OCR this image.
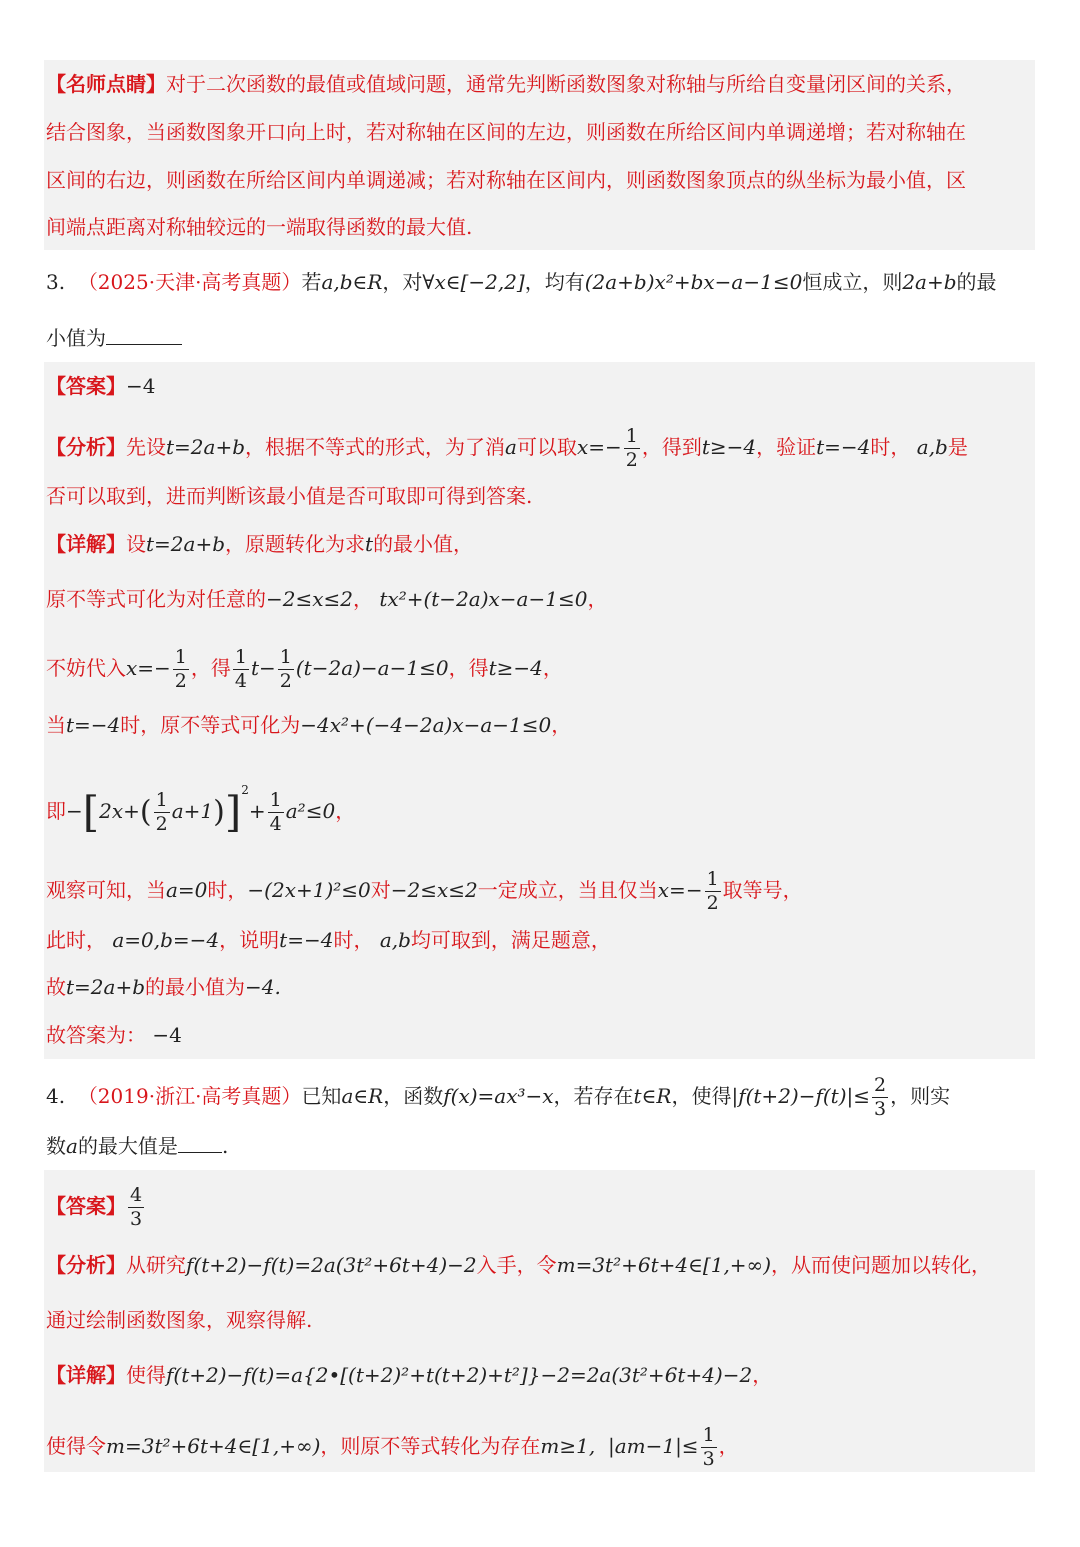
【名师点睛】对于二次函数的最值或值域问题，通常先判断函数图象对称轴与所给自变量闭区间的关系，
结合图象，当函数图象开口向上时，若对称轴在区间的左边，则函数在所给区间内单调递增；若对称轴在
区间的右边，则函数在所给区间内单调递减；若对称轴在区间内，则函数图象顶点的纵坐标为最小值，区
间端点距离对称轴较远的一端取得函数的最大值.
3. （2025·天津·高考真题）若a,b∈R，对∀x∈[−2,2]，均有(2a+b)x²+bx−a−1≤0恒成立，则2a+b的最
小值为
【答案】−4
【分析】先设t=2a+b，根据不等式的形式，为了消a可以取$x=- \frac{1}{2}$ ，得到t≥−4，验证t=−4时， a,b是
否可以取到，进而判断该最小值是否可取即可得到答案.
【详解】设t=2a+b，原题转化为求t的最小值，
原不等式可化为对任意的−2≤x≤2， tx²+(t−2a)x−a−1≤0，
不妨代入$x=- \frac{1}{2}$ ，得 $\frac{1}{4} t- \frac{1}{2} (t-2a)-a-1\le 0$，得t≥−4，
当t=−4时，原不等式可化为−4x²+(−4−2a)x−a−1≤0，
即$-[2x+( \frac{1}{2} a+1)]^2+ \frac{1}{4} a^2\le 0$，
观察可知，当a=0时，−(2x+1)²≤0对−2≤x≤2一定成立，当且仅当$x=- \frac{1}{2}$ 取等号，
此时， a=0,b=−4，说明t=−4时， a,b均可取到，满足题意，
故t=2a+b的最小值为−4.
故答案为： −4
4. （2019·浙江·高考真题）已知a∈R，函数f(x)=ax³−x，若存在t∈R，使得$|f(t+2)-f(t)|\le \frac{2}{3}$ ，则实
数a的最大值是 .
【答案】 $\frac{4}{3}$
【分析】从研究f(t+2)−f(t)=2a(3t²+6t+4)−2入手，令m=3t²+6t+4∈[1,+∞)，从而使问题加以转化，
通过绘制函数图象，观察得解.
【详解】使得f(t+2)−f(t)=a{2•[(t+2)²+t(t+2)+t²]}−2=2a(3t²+6t+4)−2，
使得令m=3t²+6t+4∈[1,+∞)，则原不等式转化为存在m≥1, $|am-1|\le \frac{1}{3}$ ，
